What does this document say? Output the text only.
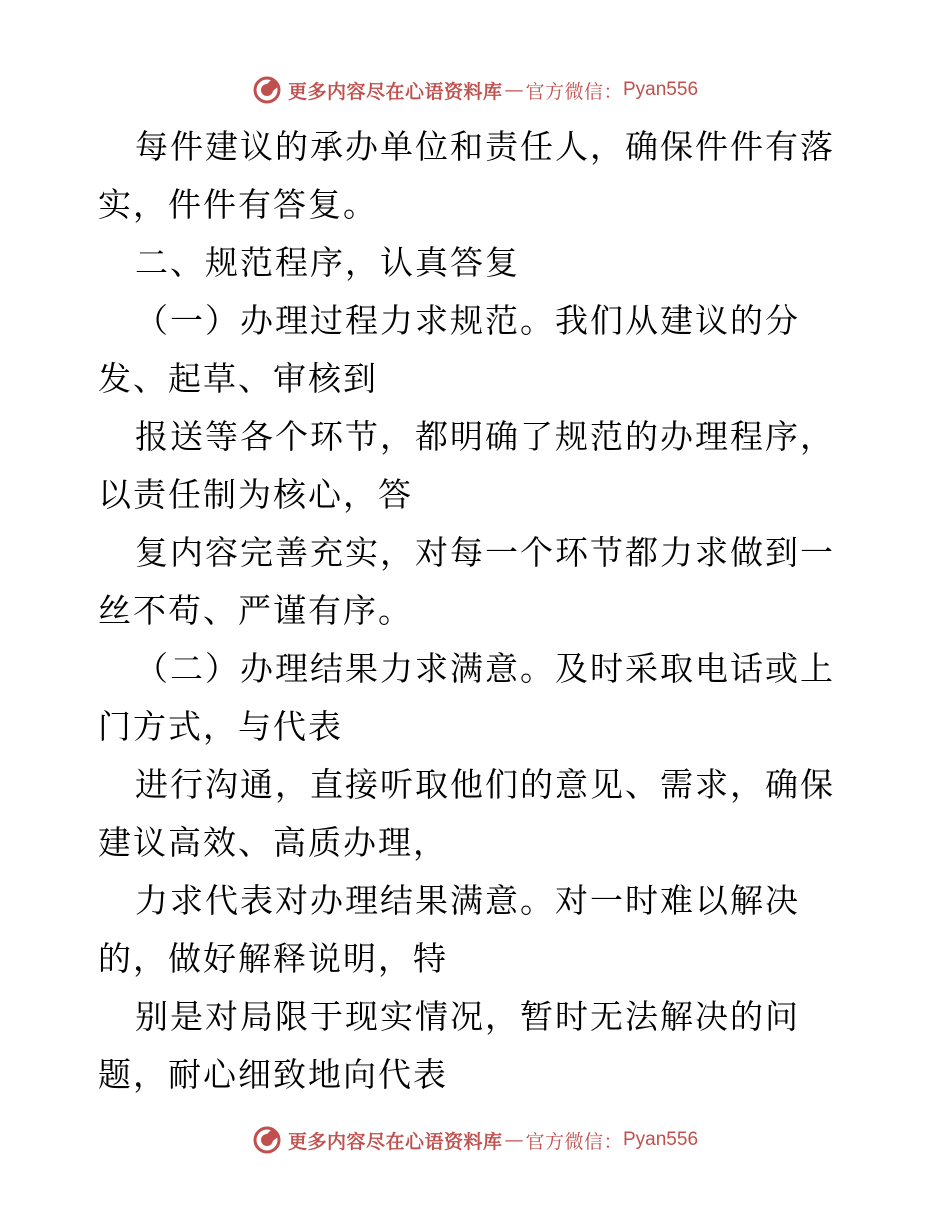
更多内容尽在心语资料库 — 官方微信： Pyan556

每件建议的承办单位和责任人，确保件件有落实，件件有答复。

二、规范程序，认真答复

（一）办理过程力求规范。我们从建议的分发、起草、审核到

报送等各个环节，都明确了规范的办理程序，以责任制为核心，答

复内容完善充实，对每一个环节都力求做到一丝不苟、严谨有序。

（二）办理结果力求满意。及时采取电话或上门方式，与代表

进行沟通，直接听取他们的意见、需求，确保建议高效、高质办理，

力求代表对办理结果满意。对一时难以解决的，做好解释说明，特

别是对局限于现实情况，暂时无法解决的问题，耐心细致地向代表

更多内容尽在心语资料库 — 官方微信： Pyan556
